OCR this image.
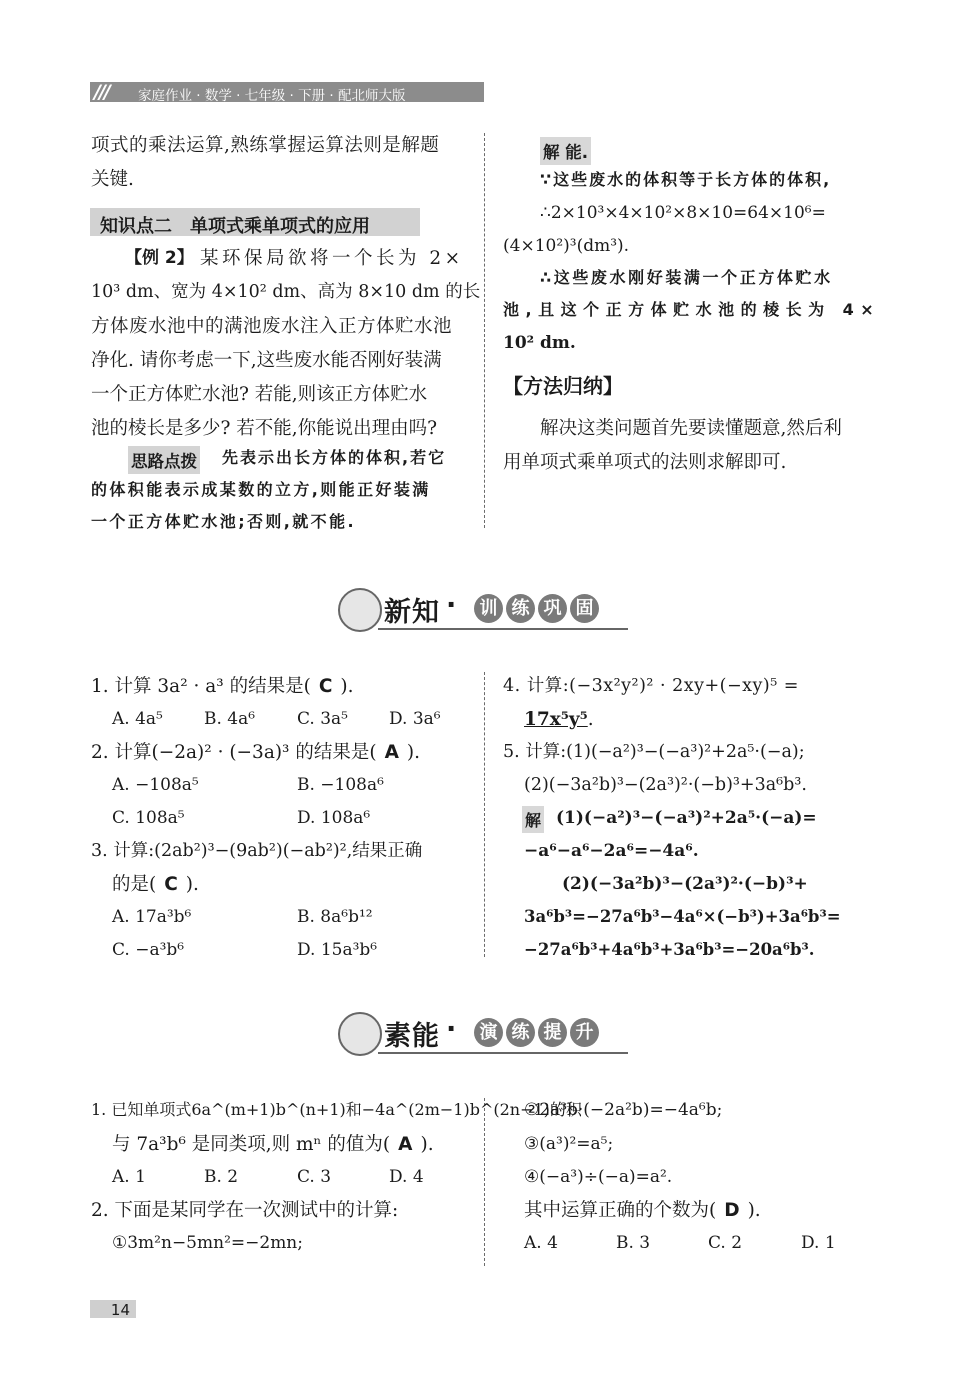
/// 家庭作业 · 数学 · 七年级 · 下册 · 配北师大版
项式的乘法运算,熟练掌握运算法则是解题
关键.
知识点二　单项式乘单项式的应用
【例 2】 某环保局欲将一个长为 2×
10³ dm、宽为 4×10² dm、高为 8×10 dm 的长
方体废水池中的满池废水注入正方体贮水池
净化. 请你考虑一下,这些废水能否刚好装满
一个正方体贮水池? 若能,则该正方体贮水
池的棱长是多少? 若不能,你能说出理由吗?
思路点拨 先表示出长方体的体积,若它
的体积能表示成某数的立方,则能正好装满
一个正方体贮水池;否则,就不能.
解 能.
∵这些废水的体积等于长方体的体积,
∴2×10³×4×10²×8×10=64×10⁶=
(4×10²)³(dm³).
∴这些废水刚好装满一个正方体贮水
池,且这个正方体贮水池的棱长为 4×
10² dm.
【方法归纳】
解决这类问题首先要读懂题意,然后利
用单项式乘单项式的法则求解即可.
新知 ·	训 练 巩 固
1. 计算 3a² · a³ 的结果是( C ).
A. 4a⁵ B. 4a⁶ C. 3a⁵ D. 3a⁶
2. 计算(−2a)² · (−3a)³ 的结果是( A ).
A. −108a⁵	B. −108a⁶
C. 108a⁵	D. 108a⁶
3. 计算:(2ab²)³−(9ab²)(−ab²)²,结果正确
的是( C ).
A. 17a³b⁶	B. 8a⁶b¹²
C. −a³b⁶	D. 15a³b⁶
4. 计算:(−3x²y²)² · 2xy+(−xy)⁵ =
17x⁵y⁵.
5. 计算:(1)(−a²)³−(−a³)²+2a⁵·(−a);
(2)(−3a²b)³−(2a³)²·(−b)³+3a⁶b³.
解 (1)(−a²)³−(−a³)²+2a⁵·(−a)=
−a⁶−a⁶−2a⁶=−4a⁶.
(2)(−3a²b)³−(2a³)²·(−b)³+
3a⁶b³=−27a⁶b³−4a⁶×(−b³)+3a⁶b³=
−27a⁶b³+4a⁶b³+3a⁶b³=−20a⁶b³.
素能 ·	演 练 提 升
1. 已知单项式6a^(m+1)b^(n+1)和−4a^(2m−1)b^(2n−1)的积
与 7a³b⁶ 是同类项,则 mⁿ 的值为( A ).
A. 1	B. 2	C. 3	D. 4
2. 下面是某同学在一次测试中的计算:
①3m²n−5mn²=−2mn;
②2a³b·(−2a²b)=−4a⁶b;
③(a³)²=a⁵;
④(−a³)÷(−a)=a².
其中运算正确的个数为( D ).
A. 4	B. 3	C. 2	D. 1
14
